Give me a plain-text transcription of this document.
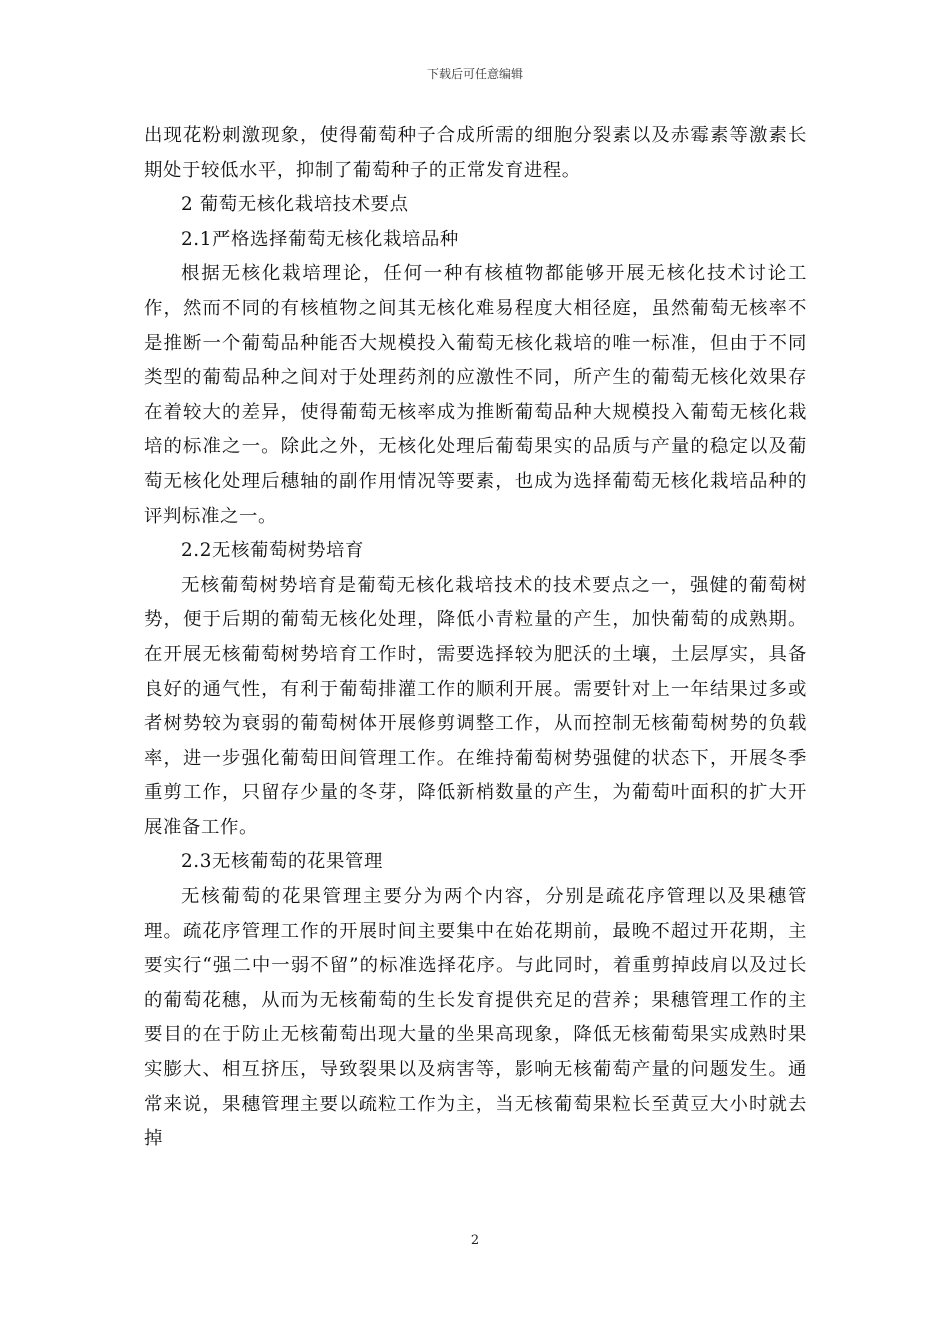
下载后可任意编辑

出现花粉刺激现象，使得葡萄种子合成所需的细胞分裂素以及赤霉素等激素长期处于较低水平，抑制了葡萄种子的正常发育进程。

2 葡萄无核化栽培技术要点

2.1严格选择葡萄无核化栽培品种

根据无核化栽培理论，任何一种有核植物都能够开展无核化技术讨论工作，然而不同的有核植物之间其无核化难易程度大相径庭，虽然葡萄无核率不是推断一个葡萄品种能否大规模投入葡萄无核化栽培的唯一标准，但由于不同类型的葡萄品种之间对于处理药剂的应激性不同，所产生的葡萄无核化效果存在着较大的差异，使得葡萄无核率成为推断葡萄品种大规模投入葡萄无核化栽培的标准之一。除此之外，无核化处理后葡萄果实的品质与产量的稳定以及葡萄无核化处理后穗轴的副作用情况等要素，也成为选择葡萄无核化栽培品种的评判标准之一。

2.2无核葡萄树势培育

无核葡萄树势培育是葡萄无核化栽培技术的技术要点之一，强健的葡萄树势，便于后期的葡萄无核化处理，降低小青粒量的产生，加快葡萄的成熟期。在开展无核葡萄树势培育工作时，需要选择较为肥沃的土壤，土层厚实，具备良好的通气性，有利于葡萄排灌工作的顺利开展。需要针对上一年结果过多或者树势较为衰弱的葡萄树体开展修剪调整工作，从而控制无核葡萄树势的负载率，进一步强化葡萄田间管理工作。在维持葡萄树势强健的状态下，开展冬季重剪工作，只留存少量的冬芽，降低新梢数量的产生，为葡萄叶面积的扩大开展准备工作。

2.3无核葡萄的花果管理

无核葡萄的花果管理主要分为两个内容，分别是疏花序管理以及果穗管理。疏花序管理工作的开展时间主要集中在始花期前，最晚不超过开花期，主要实行“强二中一弱不留”的标准选择花序。与此同时，着重剪掉歧肩以及过长的葡萄花穗，从而为无核葡萄的生长发育提供充足的营养；果穗管理工作的主要目的在于防止无核葡萄出现大量的坐果高现象，降低无核葡萄果实成熟时果实膨大、相互挤压，导致裂果以及病害等，影响无核葡萄产量的问题发生。通常来说，果穗管理主要以疏粒工作为主，当无核葡萄果粒长至黄豆大小时就去掉

2
